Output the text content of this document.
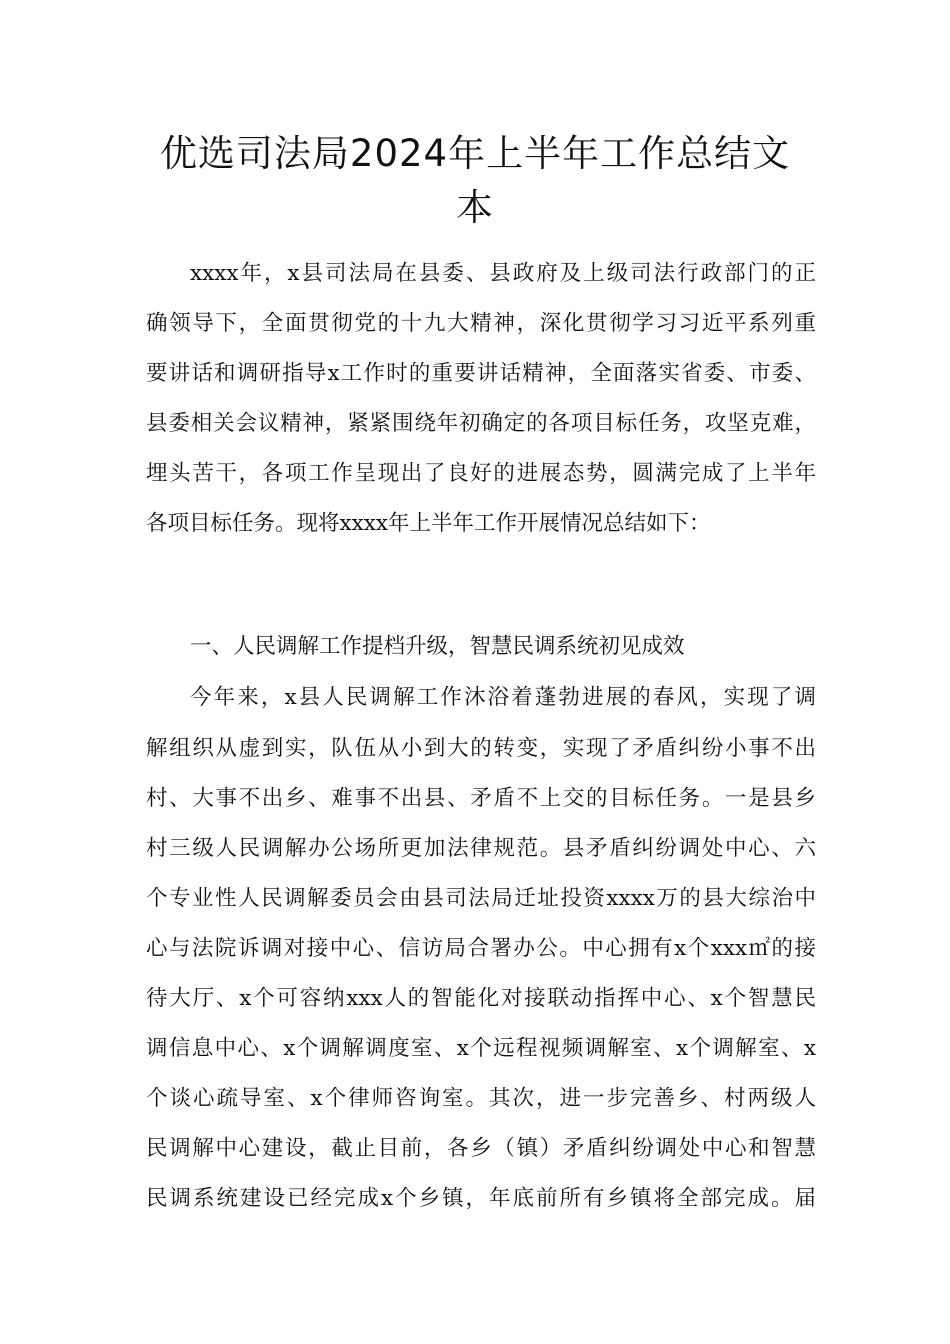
优选司法局2024年上半年工作总结文
本
xxxx年，x县司法局在县委、县政府及上级司法行政部门的正
确领导下，全面贯彻党的十九大精神，深化贯彻学习习近平系列重
要讲话和调研指导x工作时的重要讲话精神，全面落实省委、市委、
县委相关会议精神，紧紧围绕年初确定的各项目标任务，攻坚克难，
埋头苦干，各项工作呈现出了良好的进展态势，圆满完成了上半年
各项目标任务。现将xxxx年上半年工作开展情况总结如下：
一、人民调解工作提档升级，智慧民调系统初见成效
今年来，x县人民调解工作沐浴着蓬勃进展的春风，实现了调
解组织从虚到实，队伍从小到大的转变，实现了矛盾纠纷小事不出
村、大事不出乡、难事不出县、矛盾不上交的目标任务。一是县乡
村三级人民调解办公场所更加法律规范。县矛盾纠纷调处中心、六
个专业性人民调解委员会由县司法局迁址投资xxxx万的县大综治中
心与法院诉调对接中心、信访局合署办公。中心拥有x个xxx㎡的接
待大厅、x个可容纳xxx人的智能化对接联动指挥中心、x个智慧民
调信息中心、x个调解调度室、x个远程视频调解室、x个调解室、x
个谈心疏导室、x个律师咨询室。其次，进一步完善乡、村两级人
民调解中心建设，截止目前，各乡（镇）矛盾纠纷调处中心和智慧
民调系统建设已经完成x个乡镇，年底前所有乡镇将全部完成。届
